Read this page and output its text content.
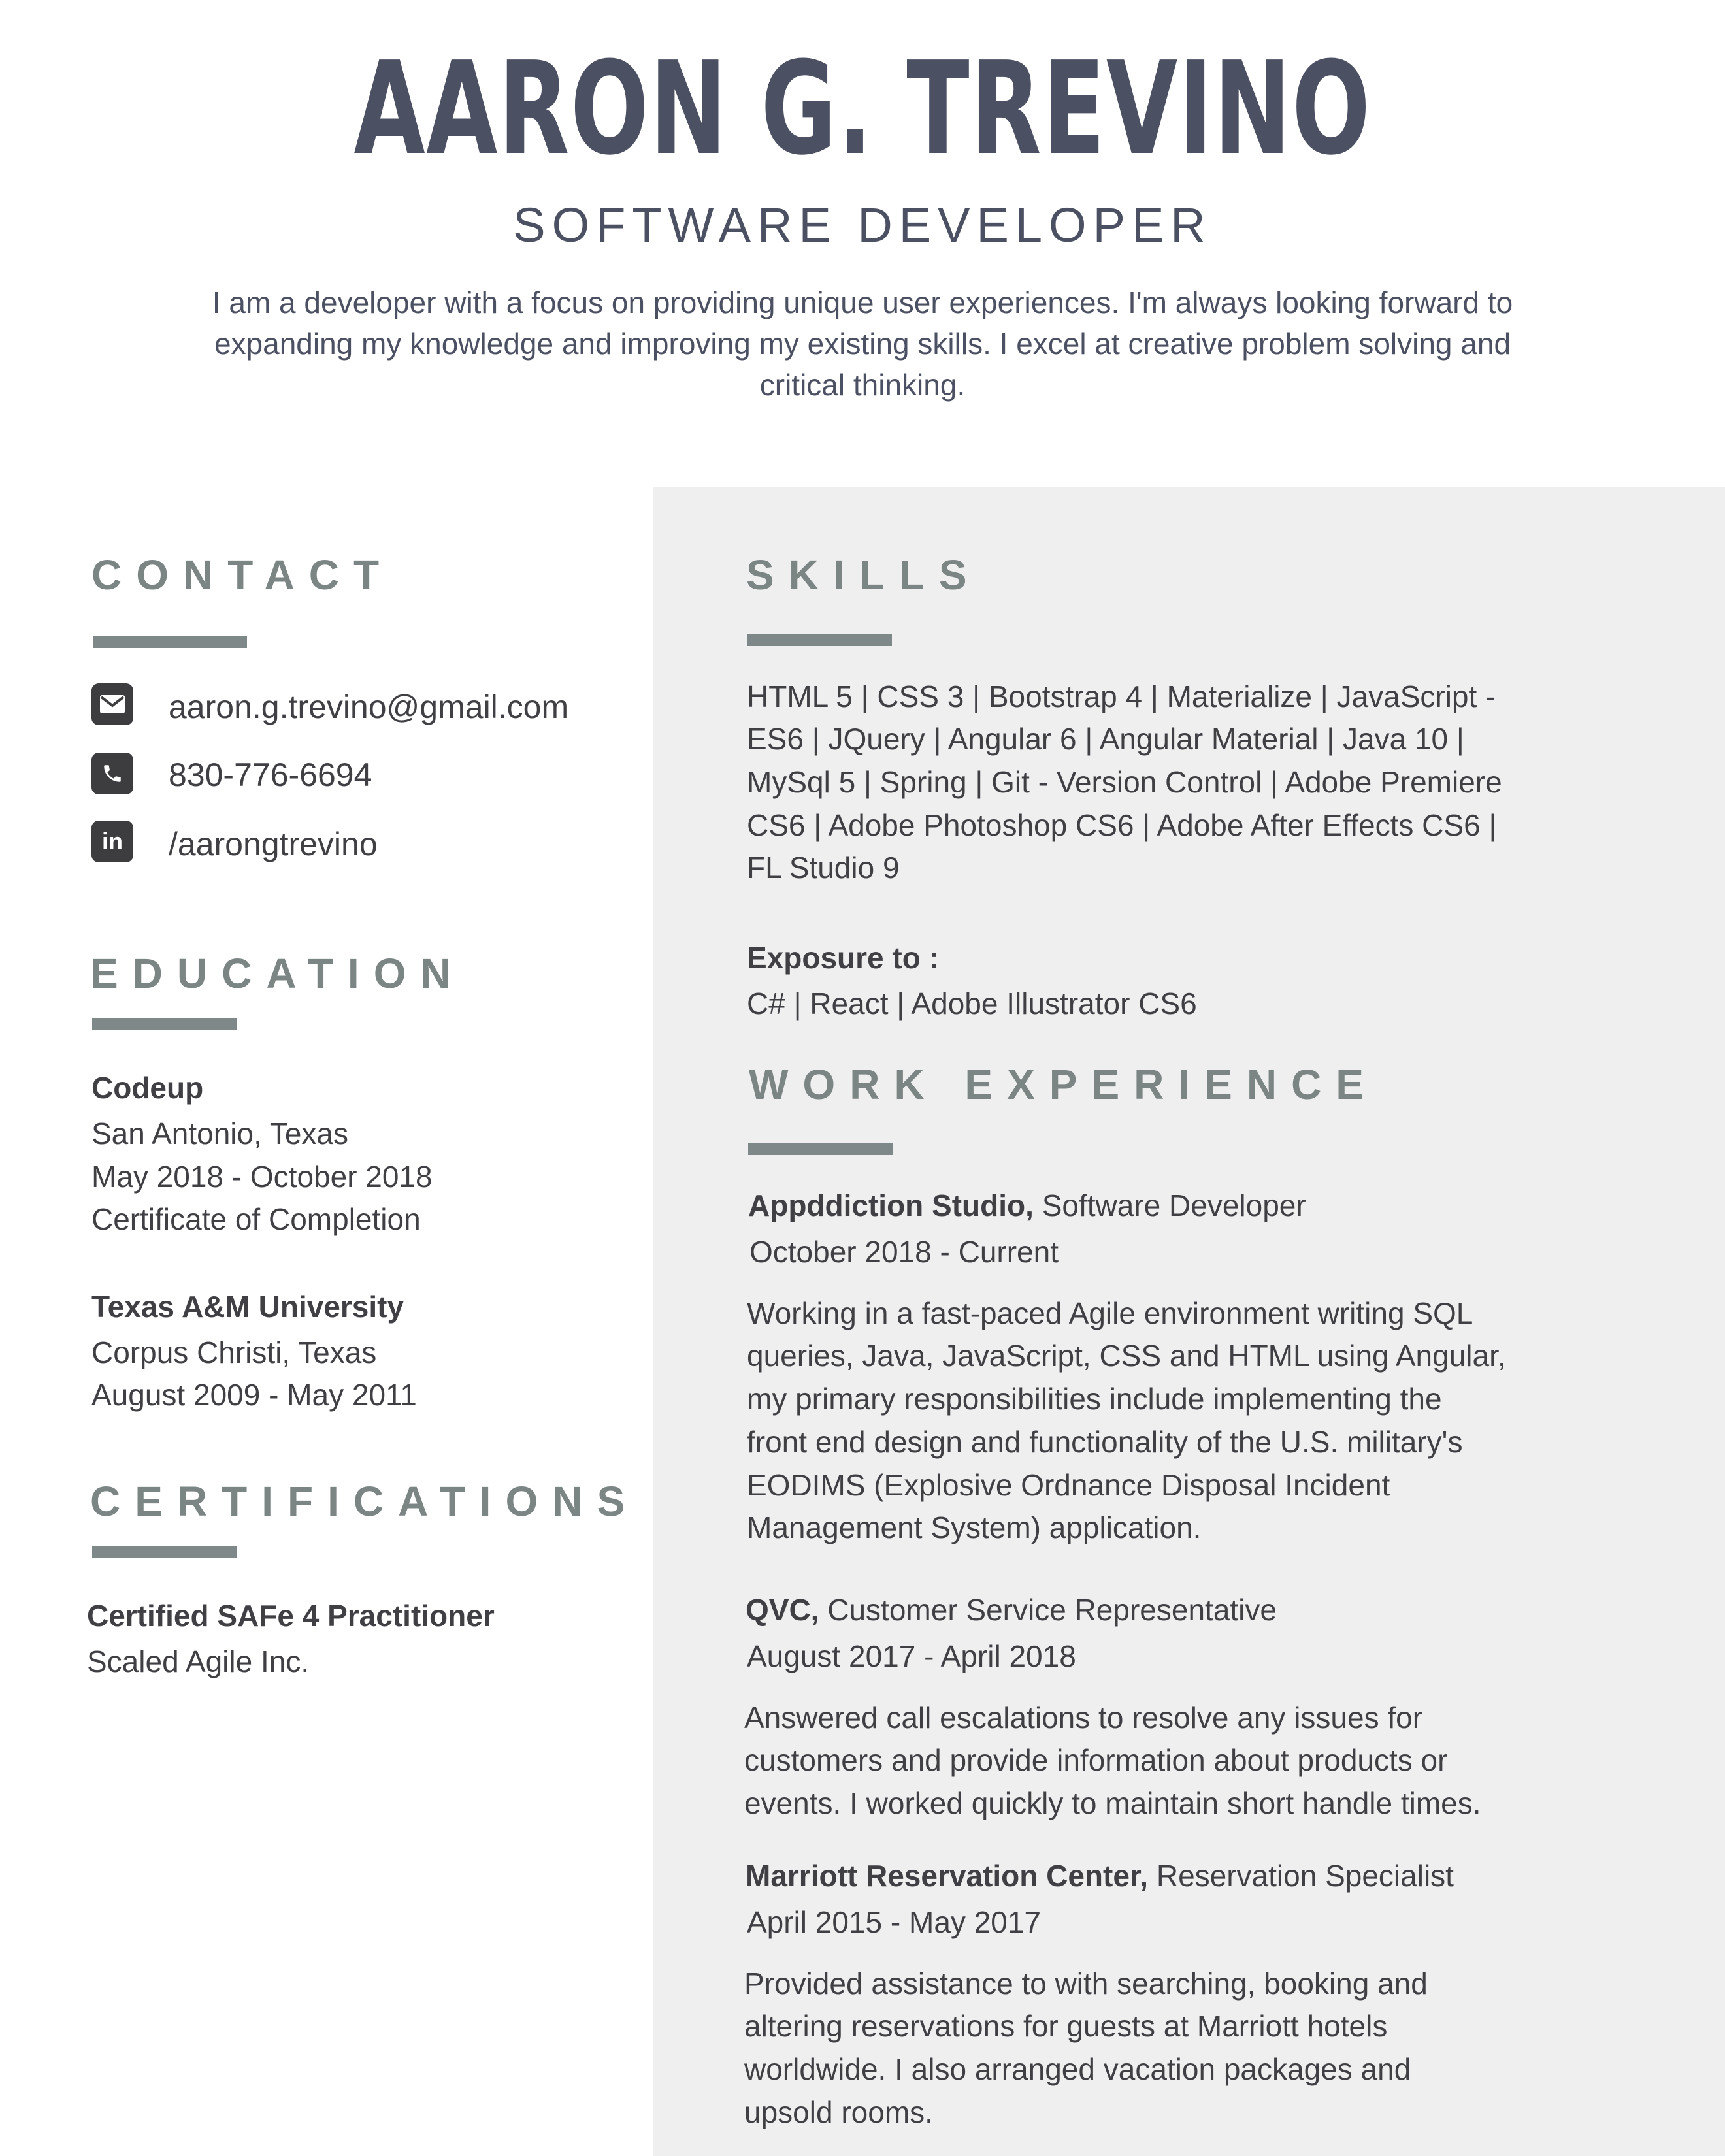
AARON G. TREVINO
SOFTWARE DEVELOPER
I am a developer with a focus on providing unique user experiences. I'm always looking forward to expanding my knowledge and improving my existing skills. I excel at creative problem solving and critical thinking.
CONTACT
aaron.g.trevino@gmail.com
830-776-6694
in /aarongtrevino
EDUCATION
Codeup
San Antonio, Texas
May 2018 - October 2018
Certificate of Completion
Texas A&M University
Corpus Christi, Texas
August 2009 - May 2011
CERTIFICATIONS
Certified SAFe 4 Practitioner
Scaled Agile Inc.
SKILLS
HTML 5 | CSS 3 | Bootstrap 4 | Materialize | JavaScript -
ES6 | JQuery | Angular 6 | Angular Material | Java 10 |
MySql 5 | Spring | Git - Version Control | Adobe Premiere
CS6 | Adobe Photoshop CS6 | Adobe After Effects CS6 |
FL Studio 9
Exposure to :
C# | React | Adobe Illustrator CS6
WORK EXPERIENCE
Appddiction Studio, Software Developer
October 2018 - Current
Working in a fast-paced Agile environment writing SQL
queries, Java, JavaScript, CSS and HTML using Angular,
my primary responsibilities include implementing the
front end design and functionality of the U.S. military's
EODIMS (Explosive Ordnance Disposal Incident
Management System) application.
QVC, Customer Service Representative
August 2017 - April 2018
Answered call escalations to resolve any issues for
customers and provide information about products or
events. I worked quickly to maintain short handle times.
Marriott Reservation Center, Reservation Specialist
April 2015 - May 2017
Provided assistance to with searching, booking and
altering reservations for guests at Marriott hotels
worldwide. I also arranged vacation packages and
upsold rooms.
